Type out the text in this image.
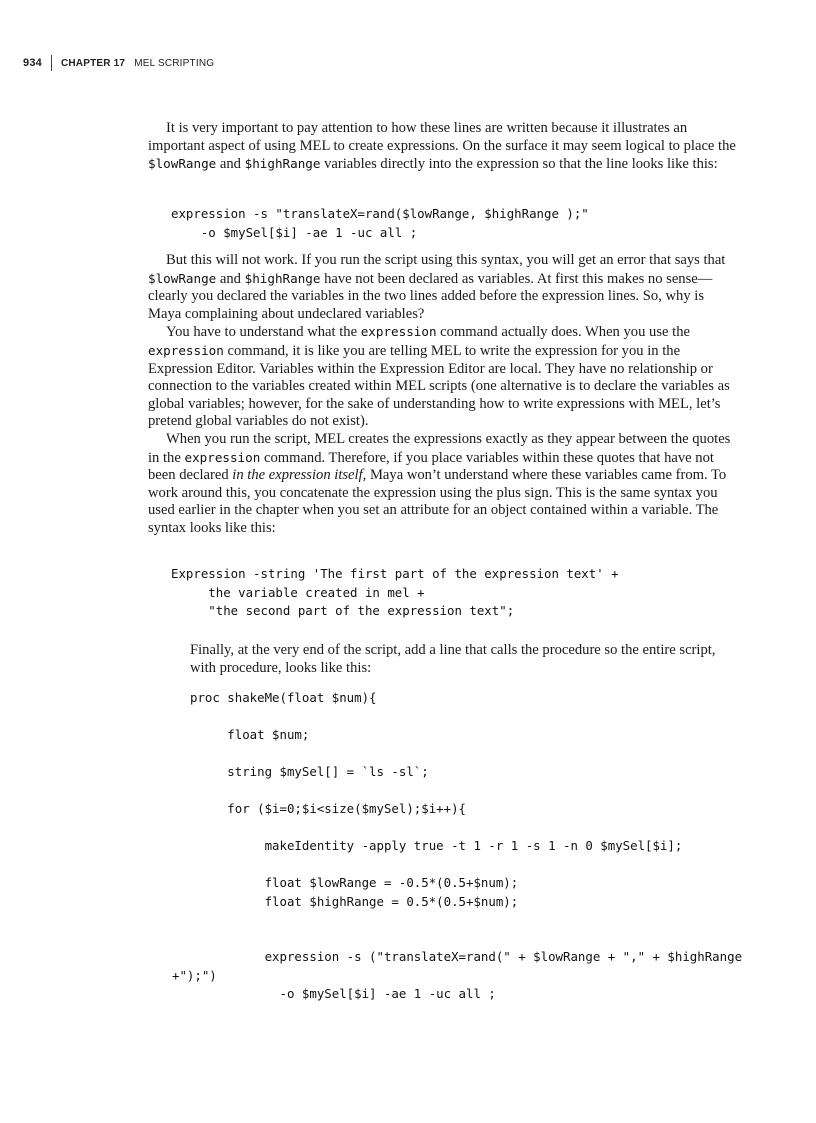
934 CHAPTER 17 MEL SCRIPTING

It is very important to pay attention to how these lines are written because it illustrates an important aspect of using MEL to create expressions. On the surface it may seem logical to place the $lowRange and $highRange variables directly into the expression so that the line looks like this:

expression -s "translateX=rand($lowRange, $highRange );"
-o $mySel[$i] -ae 1 -uc all ;

But this will not work. If you run the script using this syntax, you will get an error that says that $lowRange and $highRange have not been declared as variables. At first this makes no sense—clearly you declared the variables in the two lines added before the expression lines. So, why is Maya complaining about undeclared variables?

You have to understand what the expression command actually does. When you use the expression command, it is like you are telling MEL to write the expression for you in the Expression Editor. Variables within the Expression Editor are local. They have no relationship or connection to the variables created within MEL scripts (one alternative is to declare the variables as global variables; however, for the sake of understanding how to write expressions with MEL, let’s pretend global variables do not exist).

When you run the script, MEL creates the expressions exactly as they appear between the quotes in the expression command. Therefore, if you place variables within these quotes that have not been declared in the expression itself, Maya won’t understand where these variables came from. To work around this, you concatenate the expression using the plus sign. This is the same syntax you used earlier in the chapter when you set an attribute for an object contained within a variable. The syntax looks like this:

Expression -string 'The first part of the expression text' +
the variable created in mel +
"the second part of the expression text";

Finally, at the very end of the script, add a line that calls the procedure so the entire script, with procedure, looks like this:

proc shakeMe(float $num){
float $num;
string $mySel[] = `ls -sl`;
for ($i=0;$i<size($mySel);$i++){
makeIdentity -apply true -t 1 -r 1 -s 1 -n 0 $mySel[$i];
float $lowRange = -0.5*(0.5+$num);
float $highRange = 0.5*(0.5+$num);
expression -s ("translateX=rand(" + $lowRange + "," + $highRange
+");")
-o $mySel[$i] -ae 1 -uc all ;
